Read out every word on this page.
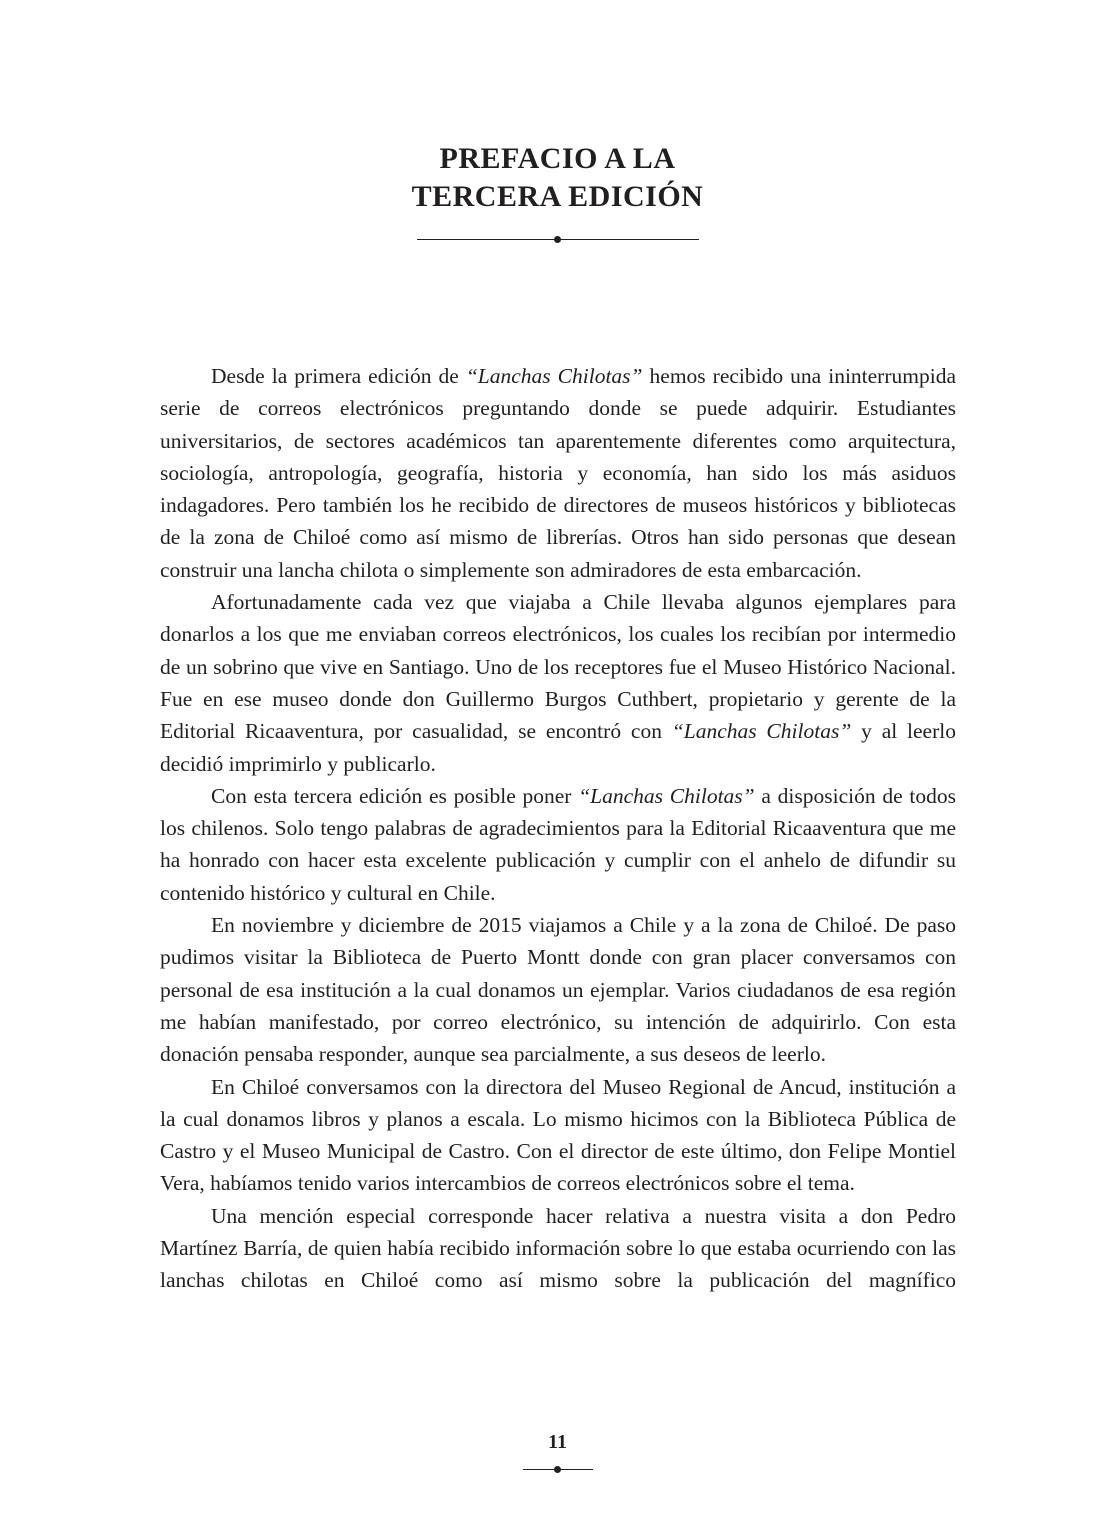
PREFACIO A LA
TERCERA EDICIÓN

Desde la primera edición de “Lanchas Chilotas” hemos recibido una ininterrumpida serie de correos electrónicos preguntando donde se puede adquirir. Estudiantes universitarios, de sectores académicos tan aparentemente diferentes como arquitectura, sociología, antropología, geografía, historia y economía, han sido los más asiduos indagadores. Pero también los he recibido de directores de museos históricos y bibliotecas de la zona de Chiloé como así mismo de librerías. Otros han sido personas que desean construir una lancha chilota o simplemente son admiradores de esta embarcación.

Afortunadamente cada vez que viajaba a Chile llevaba algunos ejemplares para donarlos a los que me enviaban correos electrónicos, los cuales los recibían por intermedio de un sobrino que vive en Santiago. Uno de los receptores fue el Museo Histórico Nacional. Fue en ese museo donde don Guillermo Burgos Cuthbert, propietario y gerente de la Editorial Ricaaventura, por casualidad, se encontró con “Lanchas Chilotas” y al leerlo decidió imprimirlo y publicarlo.

Con esta tercera edición es posible poner “Lanchas Chilotas” a disposición de todos los chilenos. Solo tengo palabras de agradecimientos para la Editorial Ricaaventura que me ha honrado con hacer esta excelente publicación y cumplir con el anhelo de difundir su contenido histórico y cultural en Chile.

En noviembre y diciembre de 2015 viajamos a Chile y a la zona de Chiloé. De paso pudimos visitar la Biblioteca de Puerto Montt donde con gran placer conversamos con personal de esa institución a la cual donamos un ejemplar. Varios ciudadanos de esa región me habían manifestado, por correo electrónico, su intención de adquirirlo. Con esta donación pensaba responder, aunque sea parcialmente, a sus deseos de leerlo.

En Chiloé conversamos con la directora del Museo Regional de Ancud, institución a la cual donamos libros y planos a escala. Lo mismo hicimos con la Biblioteca Pública de Castro y el Museo Municipal de Castro. Con el director de este último, don Felipe Montiel Vera, habíamos tenido varios intercambios de correos electrónicos sobre el tema.

Una mención especial corresponde hacer relativa a nuestra visita a don Pedro Martínez Barría, de quien había recibido información sobre lo que estaba ocurriendo con las lanchas chilotas en Chiloé como así mismo sobre la publicación del magnífico

11
